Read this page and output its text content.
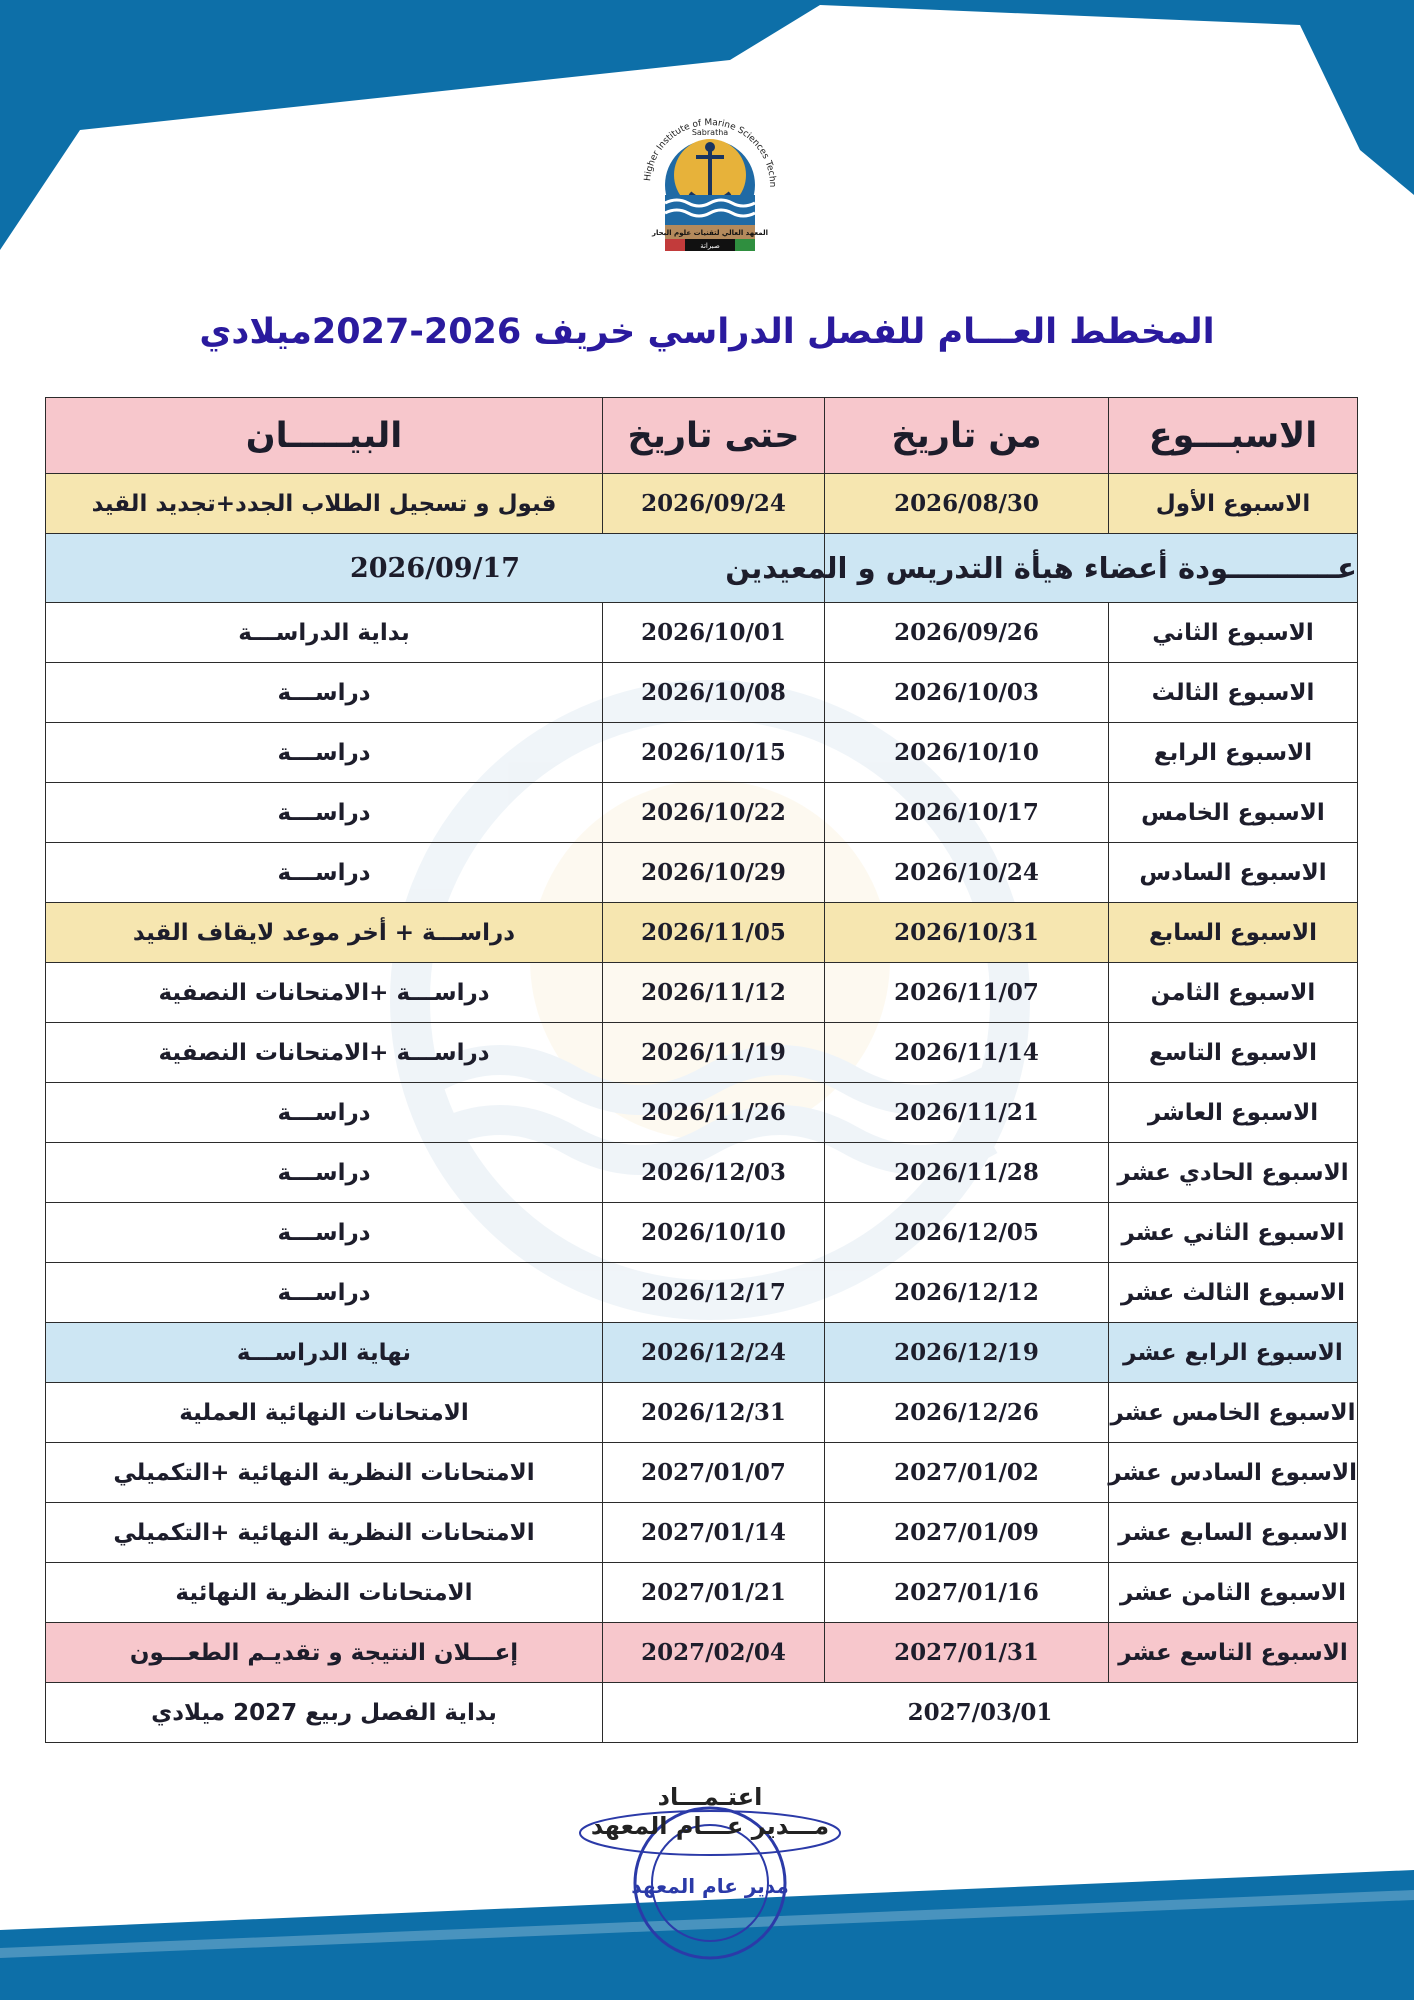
Higher Institute of Marine Sciences Techn
Sabratha
المعهد العالي لتقنيات علوم البحار
صبراتة
المخطط العـــام للفصل الدراسي خريف 2026-2027ميلادي
الاسبـــوع	من تاريخ	حتى تاريخ	البيـــــان
الاسبوع الأول	2026/08/30	2026/09/24	قبول و تسجيل الطلاب الجدد+تجديد القيد
عـــــــــــودة أعضاء هيأة التدريس و المعيدين		2026/09/17	
الاسبوع الثاني	2026/09/26	2026/10/01	بداية الدراســـة
الاسبوع الثالث	2026/10/03	2026/10/08	دراســـة
الاسبوع الرابع	2026/10/10	2026/10/15	دراســـة
الاسبوع الخامس	2026/10/17	2026/10/22	دراســـة
الاسبوع السادس	2026/10/24	2026/10/29	دراســـة
الاسبوع السابع	2026/10/31	2026/11/05	دراســـة + أخر موعد لايقاف القيد
الاسبوع الثامن	2026/11/07	2026/11/12	دراســـة +الامتحانات النصفية
الاسبوع التاسع	2026/11/14	2026/11/19	دراســـة +الامتحانات النصفية
الاسبوع العاشر	2026/11/21	2026/11/26	دراســـة
الاسبوع الحادي عشر	2026/11/28	2026/12/03	دراســـة
الاسبوع الثاني عشر	2026/12/05	2026/10/10	دراســـة
الاسبوع الثالث عشر	2026/12/12	2026/12/17	دراســـة
الاسبوع الرابع عشر	2026/12/19	2026/12/24	نهاية الدراســـة
الاسبوع الخامس عشر	2026/12/26	2026/12/31	الامتحانات النهائية العملية
الاسبوع السادس عشر	2027/01/02	2027/01/07	الامتحانات النظرية النهائية +التكميلي
الاسبوع السابع عشر	2027/01/09	2027/01/14	الامتحانات النظرية النهائية +التكميلي
الاسبوع الثامن عشر	2027/01/16	2027/01/21	الامتحانات النظرية النهائية
الاسبوع التاسع عشر	2027/01/31	2027/02/04	إعـــلان النتيجة و تقديـم الطعـــون
2027/03/01			بداية الفصل ربيع 2027 ميلادي
مدير عام المعهد
اعتـمـــاد
مـــدير عـــام المعهد
